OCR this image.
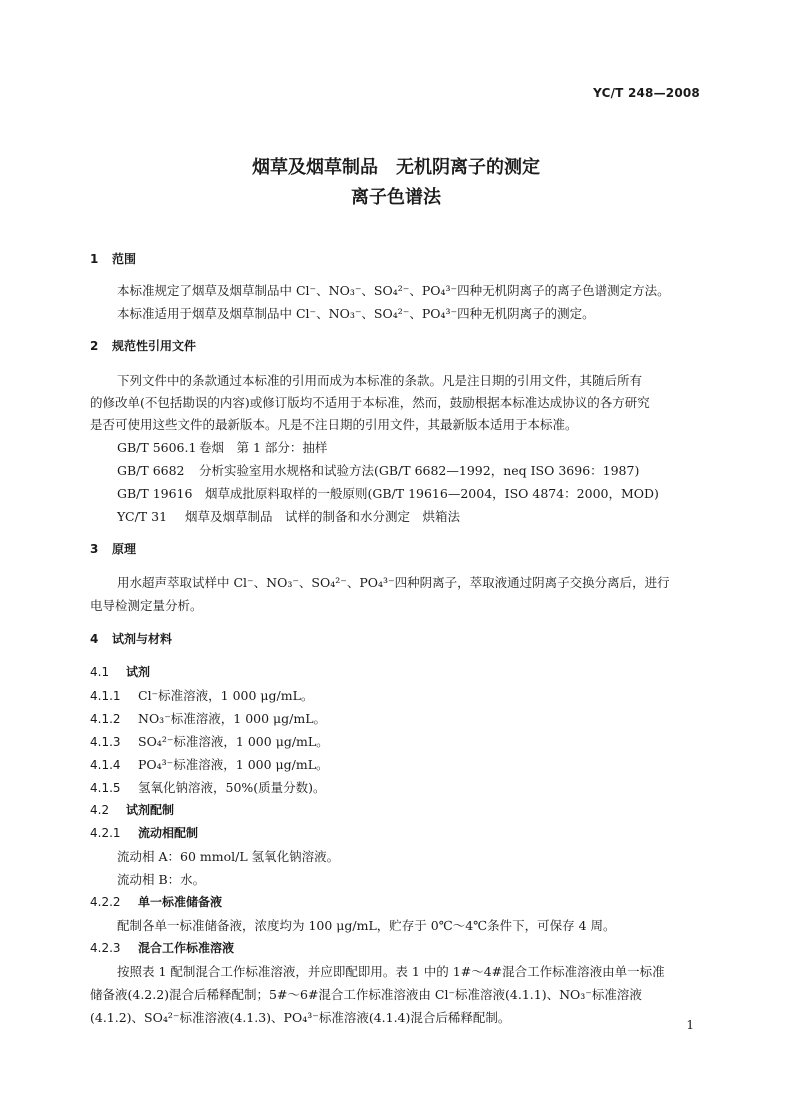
YC/T 248—2008
烟草及烟草制品　无机阴离子的测定
离子色谱法
1 范围
本标准规定了烟草及烟草制品中 Cl⁻、NO₃⁻、SO₄²⁻、PO₄³⁻四种无机阴离子的离子色谱测定方法。
本标准适用于烟草及烟草制品中 Cl⁻、NO₃⁻、SO₄²⁻、PO₄³⁻四种无机阴离子的测定。
2 规范性引用文件
下列文件中的条款通过本标准的引用而成为本标准的条款。凡是注日期的引用文件，其随后所有
的修改单(不包括勘误的内容)或修订版均不适用于本标准，然而，鼓励根据本标准达成协议的各方研究
是否可使用这些文件的最新版本。凡是不注日期的引用文件，其最新版本适用于本标准。
GB/T 5606.1 卷烟　第 1 部分：抽样
GB/T 6682 分析实验室用水规格和试验方法(GB/T 6682—1992，neq ISO 3696：1987)
GB/T 19616 烟草成批原料取样的一般原则(GB/T 19616—2004，ISO 4874：2000，MOD)
YC/T 31 烟草及烟草制品　试样的制备和水分测定　烘箱法
3 原理
用水超声萃取试样中 Cl⁻、NO₃⁻、SO₄²⁻、PO₄³⁻四种阴离子，萃取液通过阴离子交换分离后，进行
电导检测定量分析。
4 试剂与材料
4.1 试剂
4.1.1 Cl⁻标准溶液，1 000 μg/mL。
4.1.2 NO₃⁻标准溶液，1 000 μg/mL。
4.1.3 SO₄²⁻标准溶液，1 000 μg/mL。
4.1.4 PO₄³⁻标准溶液，1 000 μg/mL。
4.1.5 氢氧化钠溶液，50%(质量分数)。
4.2 试剂配制
4.2.1 流动相配制
流动相 A：60 mmol/L 氢氧化钠溶液。
流动相 B：水。
4.2.2 单一标准储备液
配制各单一标准储备液，浓度均为 100 μg/mL，贮存于 0℃～4℃条件下，可保存 4 周。
4.2.3 混合工作标准溶液
按照表 1 配制混合工作标准溶液，并应即配即用。表 1 中的 1#～4#混合工作标准溶液由单一标准
储备液(4.2.2)混合后稀释配制；5#～6#混合工作标准溶液由 Cl⁻标准溶液(4.1.1)、NO₃⁻标准溶液
(4.1.2)、SO₄²⁻标准溶液(4.1.3)、PO₄³⁻标准溶液(4.1.4)混合后稀释配制。	1
